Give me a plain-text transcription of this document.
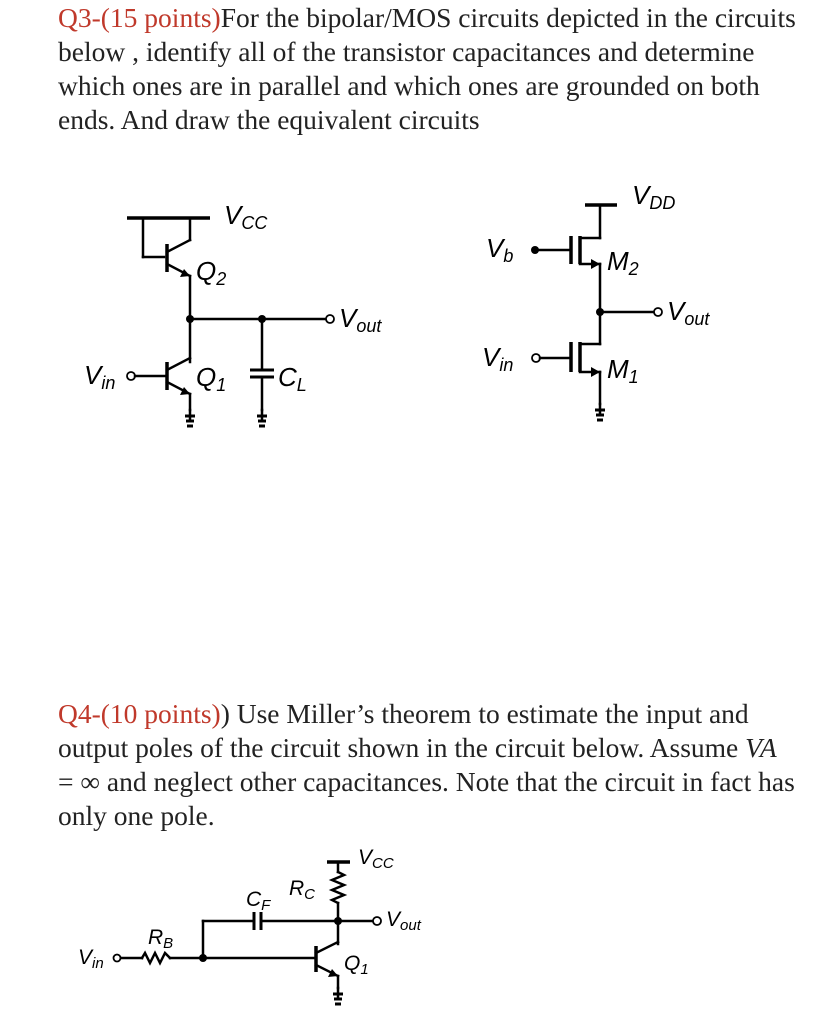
Q3-(15 points)For the bipolar/MOS circuits depicted in the circuits below , identify all of the transistor capacitances and determine which ones are in parallel and which ones are grounded on both ends. And draw the equivalent circuits

Q4-(10 points)) Use Miller’s theorem to estimate the input and output poles of the circuit shown in the circuit below. Assume VA = ∞ and neglect other capacitances. Note that the circuit in fact has only one pole.

VCC
Q2
Q1
Vin	CL
Vout
VDD
Vb	M2
M1
Vin
Vout
VCC
RC
CF
RB
Vin
Vout
Q1
